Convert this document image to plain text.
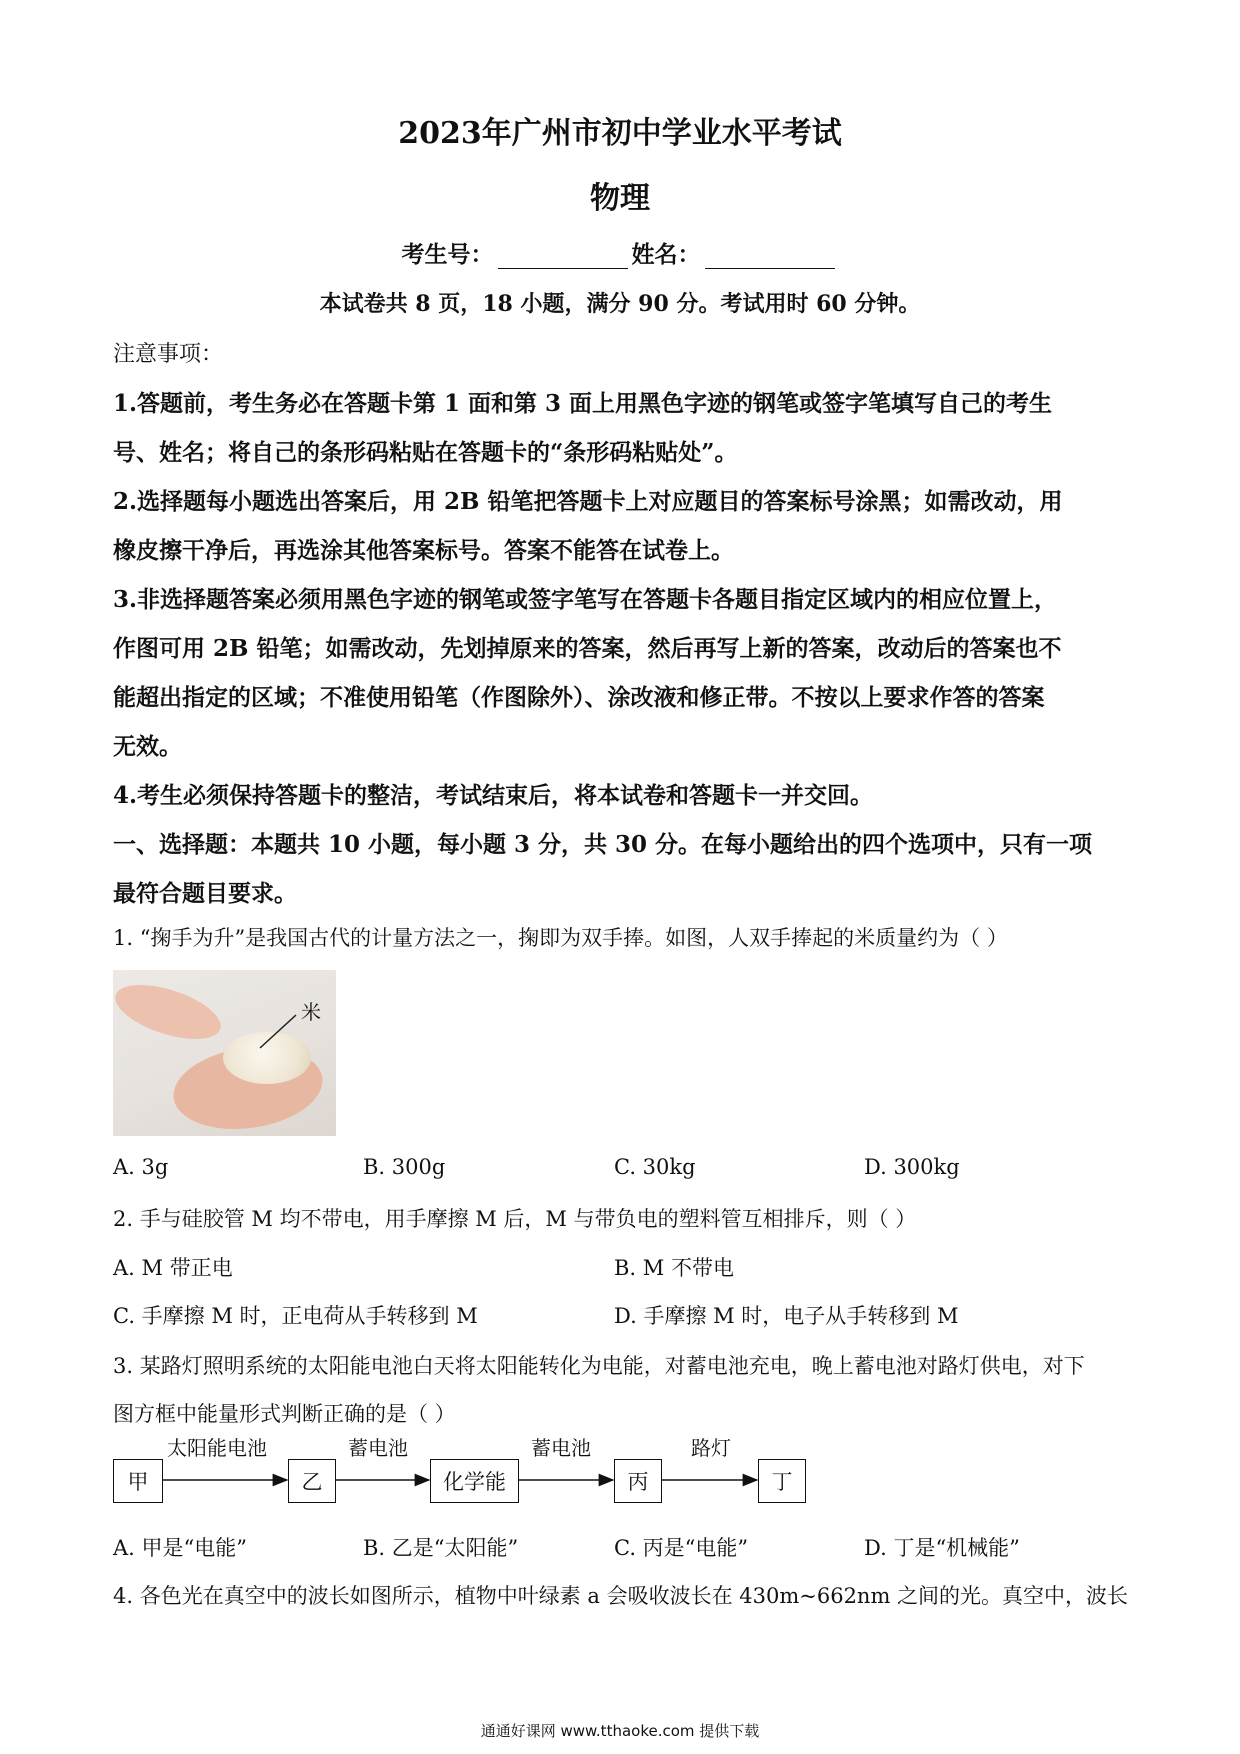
2023年广州市初中学业水平考试
物理
考生号：	姓名：
本试卷共 8 页，18 小题，满分 90 分。考试用时 60 分钟。
注意事项：
1.答题前，考生务必在答题卡第 1 面和第 3 面上用黑色字迹的钢笔或签字笔填写自己的考生
号、姓名；将自己的条形码粘贴在答题卡的“条形码粘贴处”。
2.选择题每小题选出答案后，用 2B 铅笔把答题卡上对应题目的答案标号涂黑；如需改动，用
橡皮擦干净后，再选涂其他答案标号。答案不能答在试卷上。
3.非选择题答案必须用黑色字迹的钢笔或签字笔写在答题卡各题目指定区域内的相应位置上，
作图可用 2B 铅笔；如需改动，先划掉原来的答案，然后再写上新的答案，改动后的答案也不
能超出指定的区域；不准使用铅笔（作图除外）、涂改液和修正带。不按以上要求作答的答案
无效。
4.考生必须保持答题卡的整洁，考试结束后，将本试卷和答题卡一并交回。
一、选择题：本题共 10 小题，每小题 3 分，共 30 分。在每小题给出的四个选项中，只有一项
最符合题目要求。
1. “掬手为升”是我国古代的计量方法之一，掬即为双手捧。如图，人双手捧起的米质量约为（ ）
米
A. 3g	B. 300g	C. 30kg	D. 300kg
2. 手与硅胶管 M 均不带电，用手摩擦 M 后，M 与带负电的塑料管互相排斥，则（ ）
A. M 带正电	B. M 不带电
C. 手摩擦 M 时，正电荷从手转移到 M	D. 手摩擦 M 时，电子从手转移到 M
3. 某路灯照明系统的太阳能电池白天将太阳能转化为电能，对蓄电池充电，晚上蓄电池对路灯供电，对下
图方框中能量形式判断正确的是（ ）
甲	乙	化学能	丙	丁
太阳能电池	蓄电池	蓄电池	路灯
A. 甲是“电能”	B. 乙是“太阳能”	C. 丙是“电能”	D. 丁是“机械能”
4. 各色光在真空中的波长如图所示，植物中叶绿素 a 会吸收波长在 430m~662nm 之间的光。真空中，波长
通通好课网 www.tthaoke.com 提供下载
